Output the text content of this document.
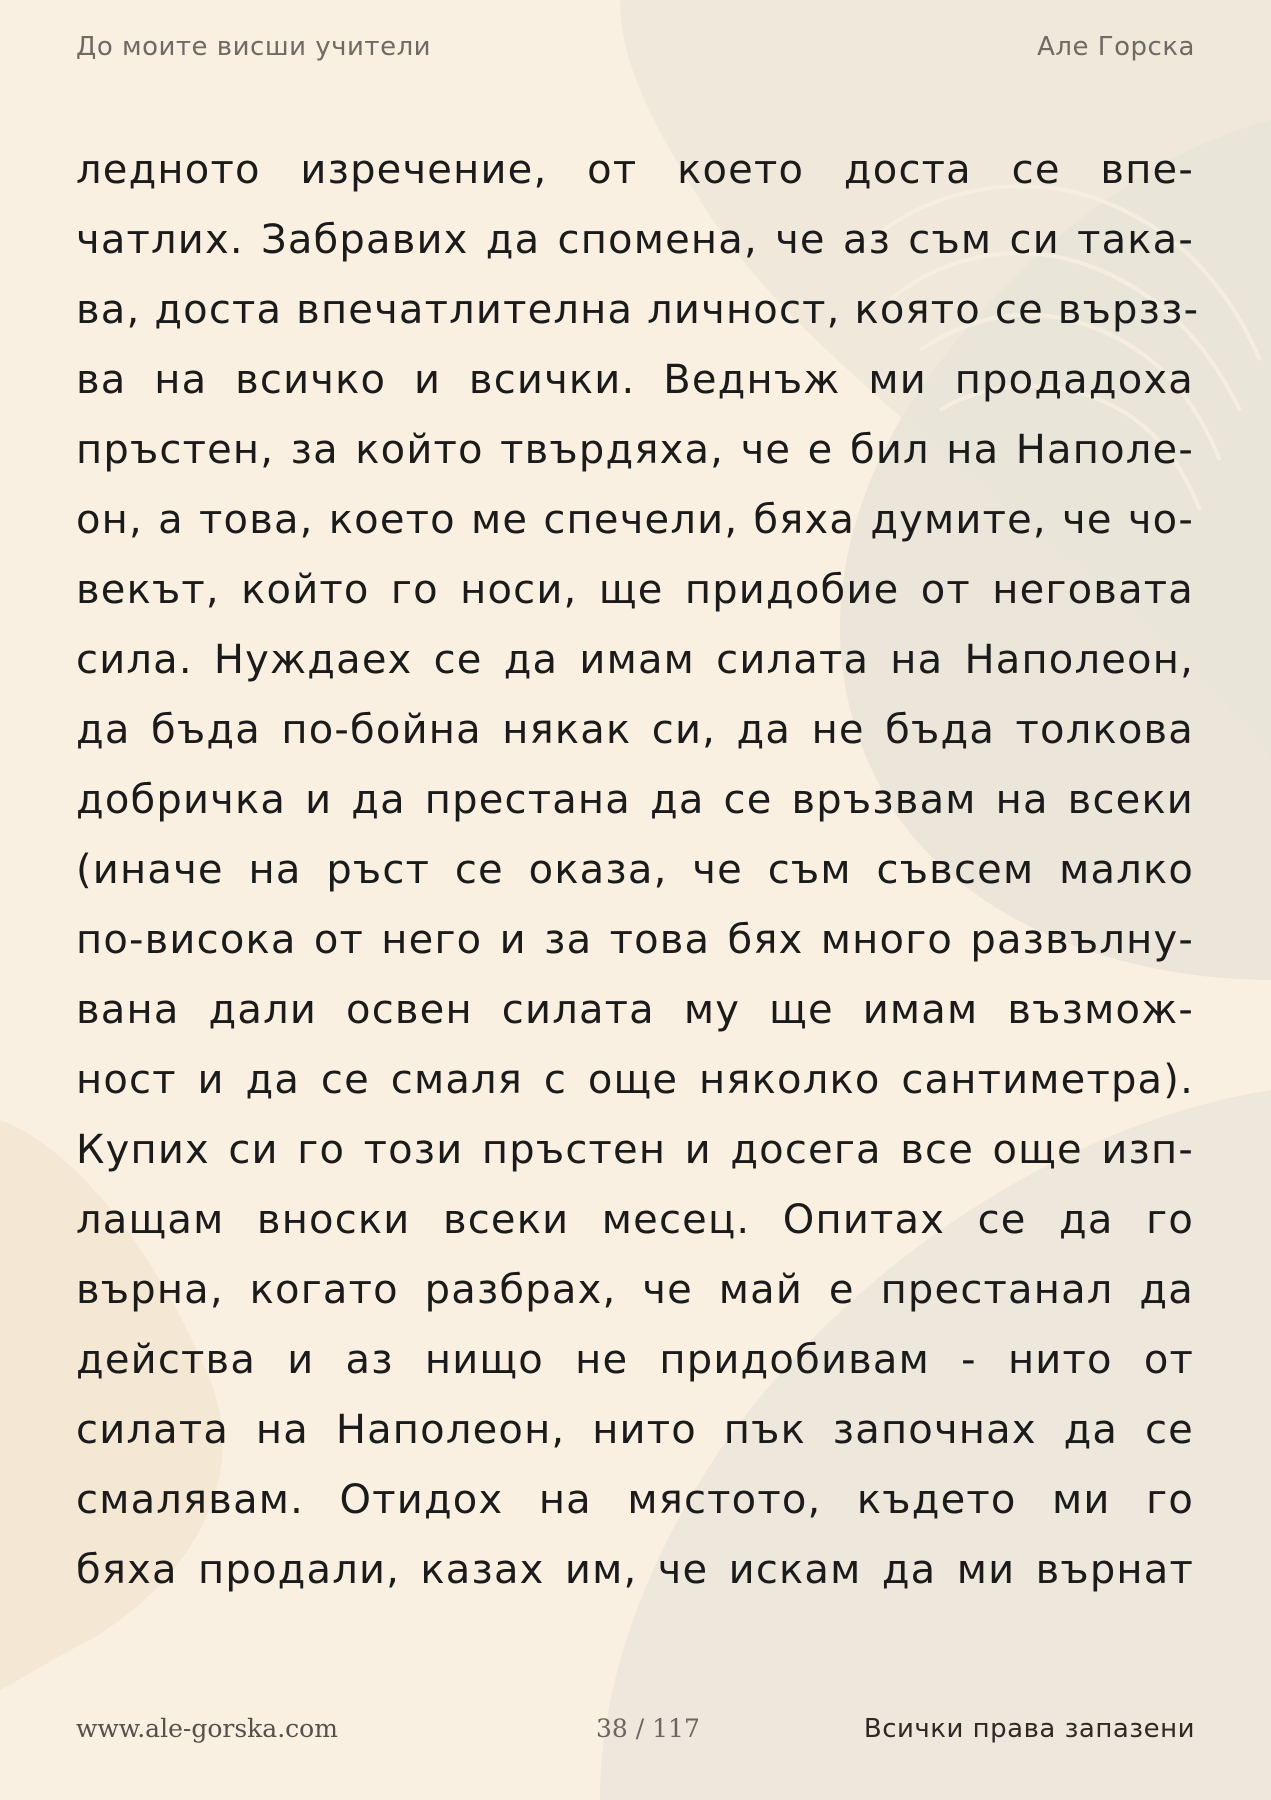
До моите висши учители	Але Горска
ледното изречение, от което доста се впе-
чатлих. Забравих да спомена, че аз съм си така-
ва, доста впечатлителна личност, която се вързз-
ва на всичко и всички. Веднъж ми продадоха
пръстен, за който твърдяха, че е бил на Наполе-
он, а това, което ме спечели, бяха думите, че чо-
векът, който го носи, ще придобие от неговата
сила. Нуждаех се да имам силата на Наполеон,
да бъда по-бойна някак си, да не бъда толкова
добричка и да престана да се връзвам на всеки
(иначе на ръст се оказа, че съм съвсем малко
по-висока от него и за това бях много развълну-
вана дали освен силата му ще имам възмож-
ност и да се смаля с още няколко сантиметра).
Купих си го този пръстен и досега все още изп-
лащам вноски всеки месец. Опитах се да го
върна, когато разбрах, че май е престанал да
действа и аз нищо не придобивам - нито от
силата на Наполеон, нито пък започнах да се
смалявам. Отидох на мястото, където ми го
бяха продали, казах им, че искам да ми върнат
www.ale-gorska.com	38 / 117	Всички права запазени
